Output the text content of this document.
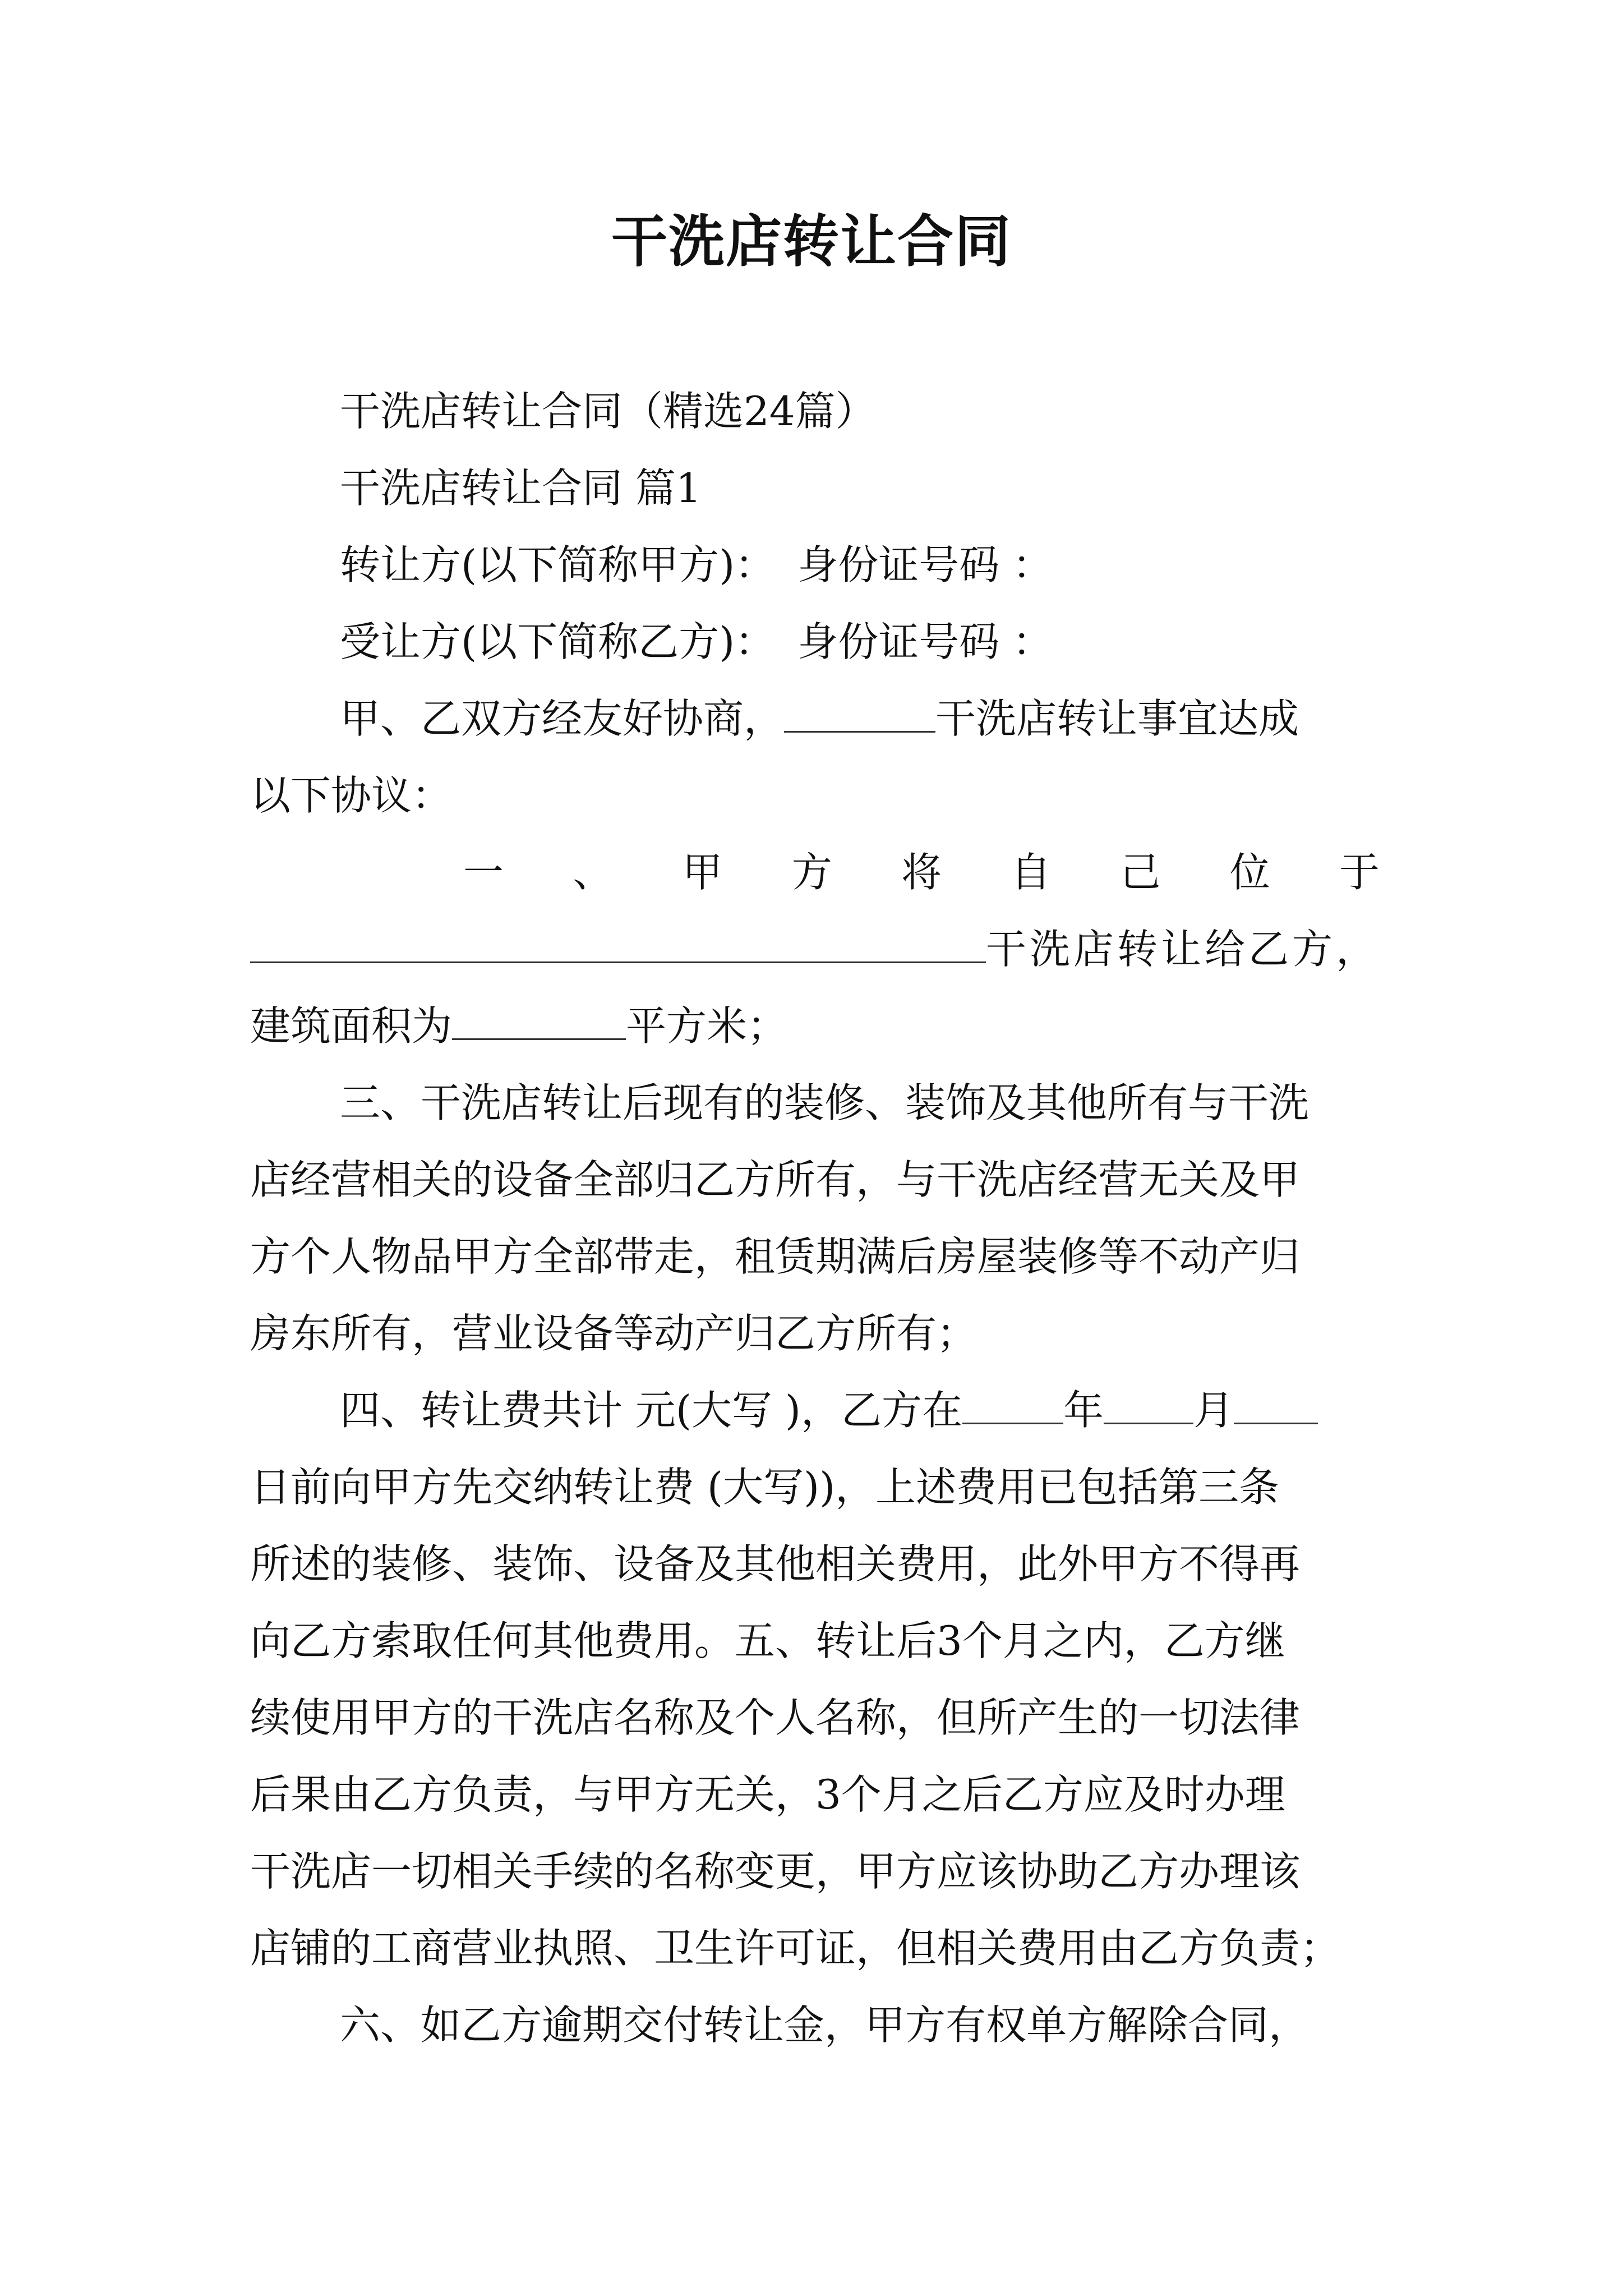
干洗店转让合同
干洗店转让合同（精选24篇）
干洗店转让合同 篇1
转让方(以下简称甲方)： 身份证号码 ：
受让方(以下简称乙方)： 身份证号码 ：
甲、乙双方经友好协商，	干洗店转让事宜达成
以下协议：
一 、 甲 方 将 自 己 位 于
干洗店转让给乙方，
建筑面积为	平方米；
三、干洗店转让后现有的装修、装饰及其他所有与干洗
店经营相关的设备全部归乙方所有，与干洗店经营无关及甲
方个人物品甲方全部带走，租赁期满后房屋装修等不动产归
房东所有，营业设备等动产归乙方所有；
四、转让费共计 元(大写 )，乙方在	年 月
日前向甲方先交纳转让费 (大写))，上述费用已包括第三条
所述的装修、装饰、设备及其他相关费用，此外甲方不得再
向乙方索取任何其他费用。五、转让后3个月之内，乙方继
续使用甲方的干洗店名称及个人名称，但所产生的一切法律
后果由乙方负责，与甲方无关，3个月之后乙方应及时办理
干洗店一切相关手续的名称变更，甲方应该协助乙方办理该
店铺的工商营业执照、卫生许可证，但相关费用由乙方负责；
六、如乙方逾期交付转让金，甲方有权单方解除合同，
